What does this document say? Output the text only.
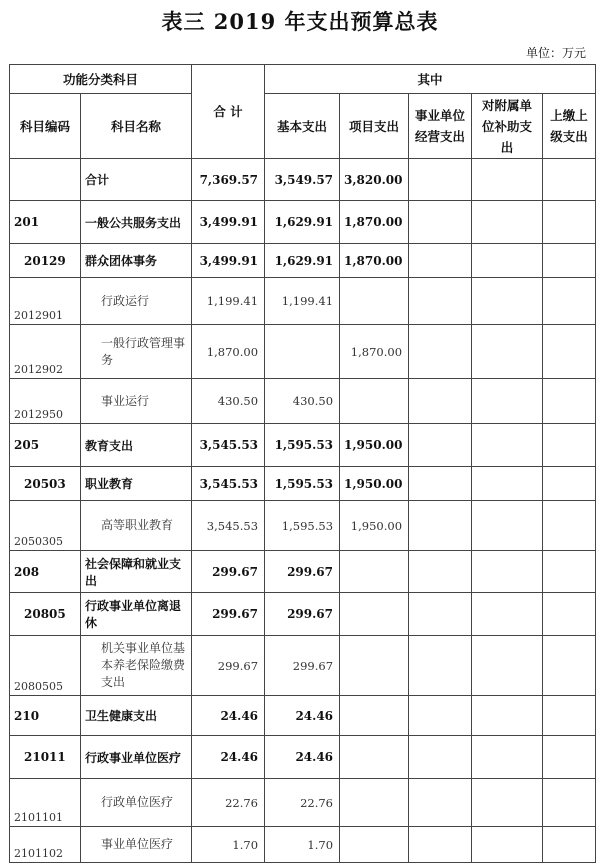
表三 2019 年支出预算总表
单位：万元
功能分类科目		合 计	其中				
科目编码	科目名称		基本支出	项目支出	事业单位经营支出	对附属单位补助支出	上缴上级支出
	合计	7,369.57	3,549.57	3,820.00			
201	一般公共服务支出	3,499.91	1,629.91	1,870.00			
20129	群众团体事务	3,499.91	1,629.91	1,870.00			
2012901	行政运行	1,199.41	1,199.41				
2012902	一般行政管理事务	1,870.00		1,870.00			
2012950	事业运行	430.50	430.50				
205	教育支出	3,545.53	1,595.53	1,950.00			
20503	职业教育	3,545.53	1,595.53	1,950.00			
2050305	高等职业教育	3,545.53	1,595.53	1,950.00			
208	社会保障和就业支出	299.67	299.67				
20805	行政事业单位离退休	299.67	299.67				
2080505	机关事业单位基本养老保险缴费支出	299.67	299.67				
210	卫生健康支出	24.46	24.46				
21011	行政事业单位医疗	24.46	24.46				
2101101	行政单位医疗	22.76	22.76				
2101102	事业单位医疗	1.70	1.70				
